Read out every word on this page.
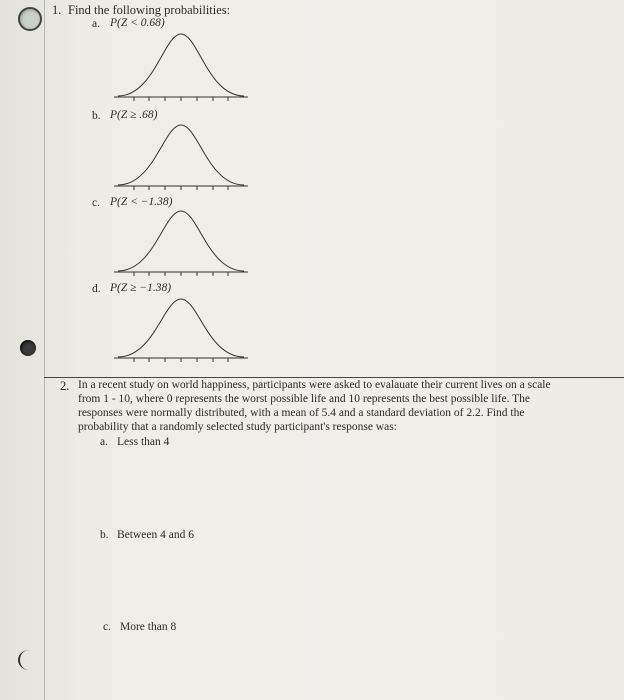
1. Find the following probabilities:
a. P(Z < 0.68)
b. P(Z ≥ .68)
c. P(Z < −1.38)
d. P(Z ≥ −1.38)
2. In a recent study on world happiness, participants were asked to evalauate their current lives on a scale
from 1 - 10, where 0 represents the worst possible life and 10 represents the best possible life. The
responses were normally distributed, with a mean of 5.4 and a standard deviation of 2.2. Find the
probability that a randomly selected study participant's response was:
a. Less than 4
b. Between 4 and 6
c. More than 8
